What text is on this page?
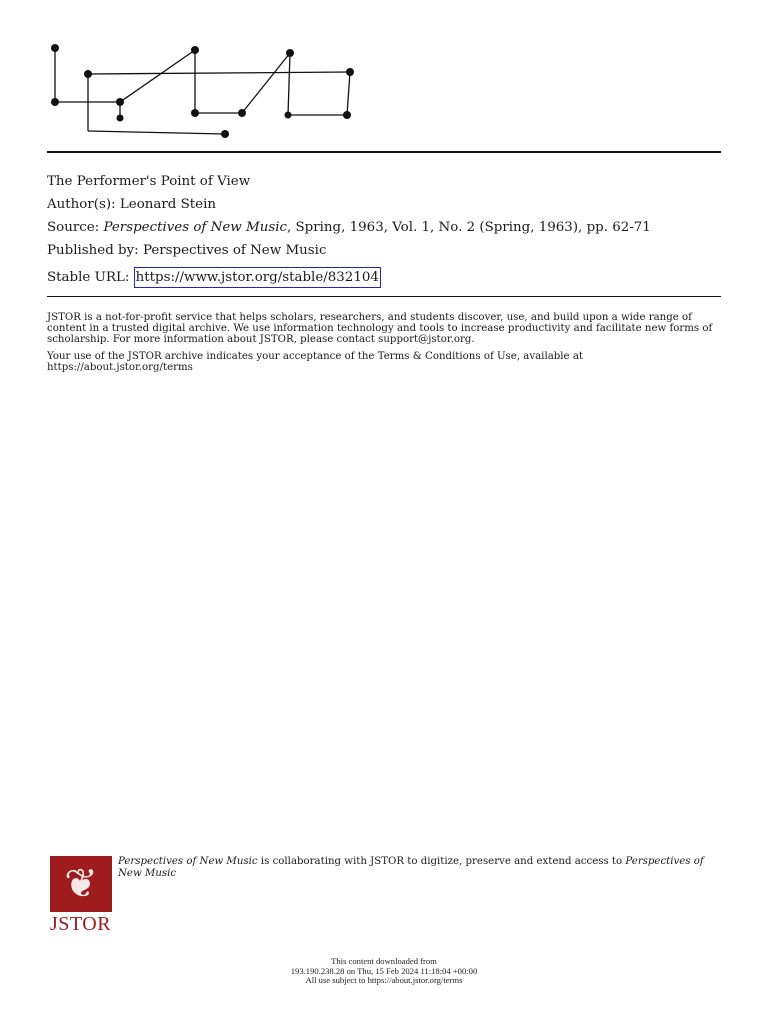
The Performer's Point of View
Author(s): Leonard Stein
Source: Perspectives of New Music, Spring, 1963, Vol. 1, No. 2 (Spring, 1963), pp. 62-71
Published by: Perspectives of New Music
Stable URL: https://www.jstor.org/stable/832104

JSTOR is a not-for-profit service that helps scholars, researchers, and students discover, use, and build upon a wide range of content in a trusted digital archive. We use information technology and tools to increase productivity and facilitate new forms of scholarship. For more information about JSTOR, please contact support@jstor.org.

Your use of the JSTOR archive indicates your acceptance of the Terms & Conditions of Use, available at https://about.jstor.org/terms

❦
JSTOR
Perspectives of New Music is collaborating with JSTOR to digitize, preserve and extend access to Perspectives of New Music
This content downloaded from
193.190.238.28 on Thu, 15 Feb 2024 11:18:04 +00:00
All use subject to https://about.jstor.org/terms
